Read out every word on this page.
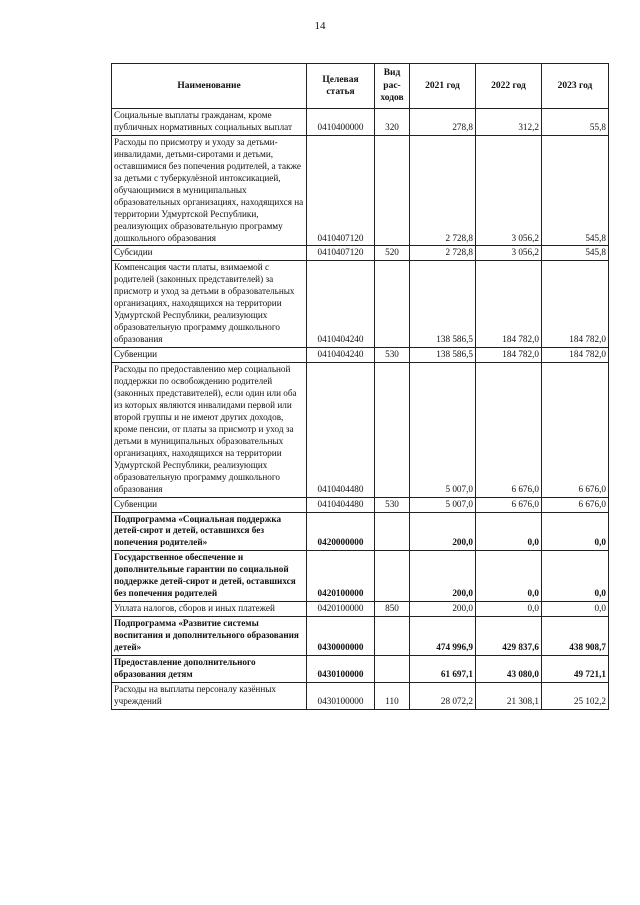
14
Наименование	Целевая статья	Вид рас-ходов	2021 год	2022 год	2023 год
Социальные выплаты гражданам, кроме публичных нормативных социальных выплат	0410400000	320	278,8	312,2	55,8
Расходы по присмотру и уходу за детьми-инвалидами, детьми-сиротами и детьми, оставшимися без попечения родителей, а также за детьми с туберкулёзной интоксикацией, обучающимися в муниципальных образовательных организациях, находящихся на территории Удмуртской Республики, реализующих образовательную программу дошкольного образования	0410407120		2 728,8	3 056,2	545,8
Субсидии	0410407120	520	2 728,8	3 056,2	545,8
Компенсация части платы, взимаемой с родителей (законных представителей) за присмотр и уход за детьми в образовательных организациях, находящихся на территории Удмуртской Республики, реализующих образовательную программу дошкольного образования	0410404240		138 586,5	184 782,0	184 782,0
Субвенции	0410404240	530	138 586,5	184 782,0	184 782,0
Расходы по предоставлению мер социальной поддержки по освобождению родителей (законных представителей), если один или оба из которых являются инвалидами первой или второй группы и не имеют других доходов, кроме пенсии, от платы за присмотр и уход за детьми в муниципальных образовательных организациях, находящихся на территории Удмуртской Республики, реализующих образовательную программу дошкольного образования	0410404480		5 007,0	6 676,0	6 676,0
Субвенции	0410404480	530	5 007,0	6 676,0	6 676,0
Подпрограмма «Социальная поддержка детей-сирот и детей, оставшихся без попечения родителей»	0420000000		200,0	0,0	0,0
Государственное обеспечение и дополнительные гарантии по социальной поддержке детей-сирот и детей, оставшихся без попечения родителей	0420100000		200,0	0,0	0,0
Уплата налогов, сборов и иных платежей	0420100000	850	200,0	0,0	0,0
Подпрограмма «Развитие системы воспитания и дополнительного образования детей»	0430000000		474 996,9	429 837,6	438 908,7
Предоставление дополнительного образования детям	0430100000		61 697,1	43 080,0	49 721,1
Расходы на выплаты персоналу казённых учреждений	0430100000	110	28 072,2	21 308,1	25 102,2
